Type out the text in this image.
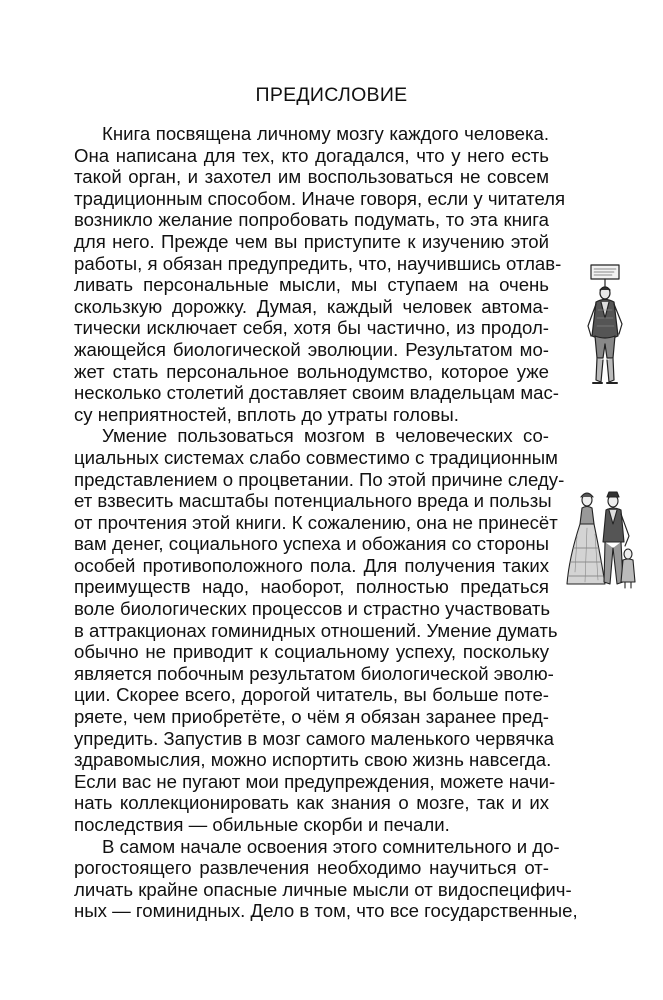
ПРЕДИСЛОВИЕ
Книга посвящена личному мозгу каждого человека.
Она написана для тех, кто догадался, что у него есть
такой орган, и захотел им воспользоваться не совсем
традиционным способом. Иначе говоря, если у читателя
возникло желание попробовать подумать, то эта книга
для него. Прежде чем вы приступите к изучению этой
работы, я обязан предупредить, что, научившись отлав-
ливать персональные мысли, мы ступаем на очень
скользкую дорожку. Думая, каждый человек автома-
тически исключает себя, хотя бы частично, из продол-
жающейся биологической эволюции. Результатом мо-
жет стать персональное вольнодумство, которое уже
несколько столетий доставляет своим владельцам мас-
су неприятностей, вплоть до утраты головы.
Умение пользоваться мозгом в человеческих со-
циальных системах слабо совместимо с традиционным
представлением о процветании. По этой причине следу-
ет взвесить масштабы потенциального вреда и пользы
от прочтения этой книги. К сожалению, она не принесёт
вам денег, социального успеха и обожания со стороны
особей противоположного пола. Для получения таких
преимуществ надо, наоборот, полностью предаться
воле биологических процессов и страстно участвовать
в аттракционах гоминидных отношений. Умение думать
обычно не приводит к социальному успеху, поскольку
является побочным результатом биологической эволю-
ции. Скорее всего, дорогой читатель, вы больше поте-
ряете, чем приобретёте, о чём я обязан заранее пред-
упредить. Запустив в мозг самого маленького червячка
здравомыслия, можно испортить свою жизнь навсегда.
Если вас не пугают мои предупреждения, можете начи-
нать коллекционировать как знания о мозге, так и их
последствия — обильные скорби и печали.
В самом начале освоения этого сомнительного и до-
рогостоящего развлечения необходимо научиться от-
личать крайне опасные личные мысли от видоспецифич-
ных — гоминидных. Дело в том, что все государственные,
